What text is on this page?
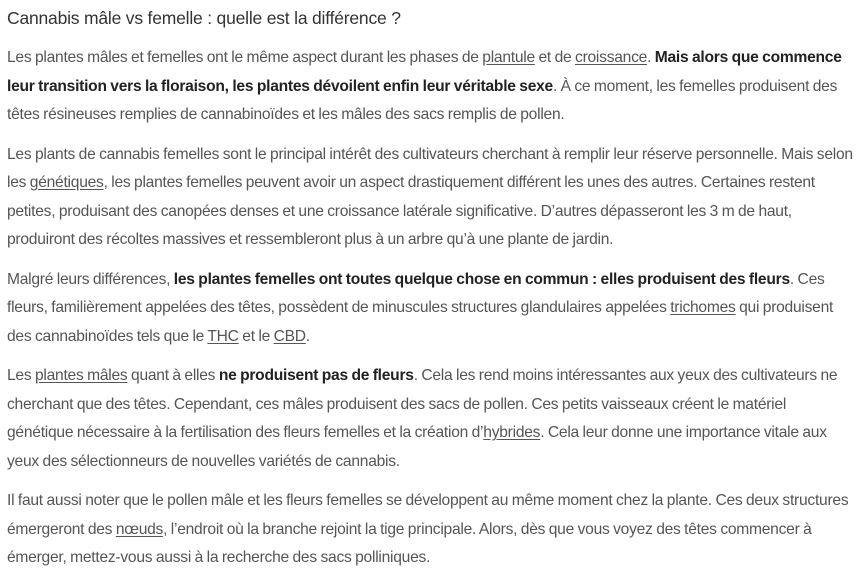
Cannabis mâle vs femelle : quelle est la différence ?

Les plantes mâles et femelles ont le même aspect durant les phases de plantule et de croissance. Mais alors que commence leur transition vers la floraison, les plantes dévoilent enfin leur véritable sexe. À ce moment, les femelles produisent des têtes résineuses remplies de cannabinoïdes et les mâles des sacs remplis de pollen.

Les plants de cannabis femelles sont le principal intérêt des cultivateurs cherchant à remplir leur réserve personnelle. Mais selon les génétiques, les plantes femelles peuvent avoir un aspect drastiquement différent les unes des autres. Certaines restent petites, produisant des canopées denses et une croissance latérale significative. D’autres dépasseront les 3 m de haut, produiront des récoltes massives et ressembleront plus à un arbre qu’à une plante de jardin.

Malgré leurs différences, les plantes femelles ont toutes quelque chose en commun : elles produisent des fleurs. Ces fleurs, familièrement appelées des têtes, possèdent de minuscules structures glandulaires appelées trichomes qui produisent des cannabinoïdes tels que le THC et le CBD.

Les plantes mâles quant à elles ne produisent pas de fleurs. Cela les rend moins intéressantes aux yeux des cultivateurs ne cherchant que des têtes. Cependant, ces mâles produisent des sacs de pollen. Ces petits vaisseaux créent le matériel génétique nécessaire à la fertilisation des fleurs femelles et la création d’hybrides. Cela leur donne une importance vitale aux yeux des sélectionneurs de nouvelles variétés de cannabis.

Il faut aussi noter que le pollen mâle et les fleurs femelles se développent au même moment chez la plante. Ces deux structures émergeront des nœuds, l’endroit où la branche rejoint la tige principale. Alors, dès que vous voyez des têtes commencer à émerger, mettez-vous aussi à la recherche des sacs polliniques.
